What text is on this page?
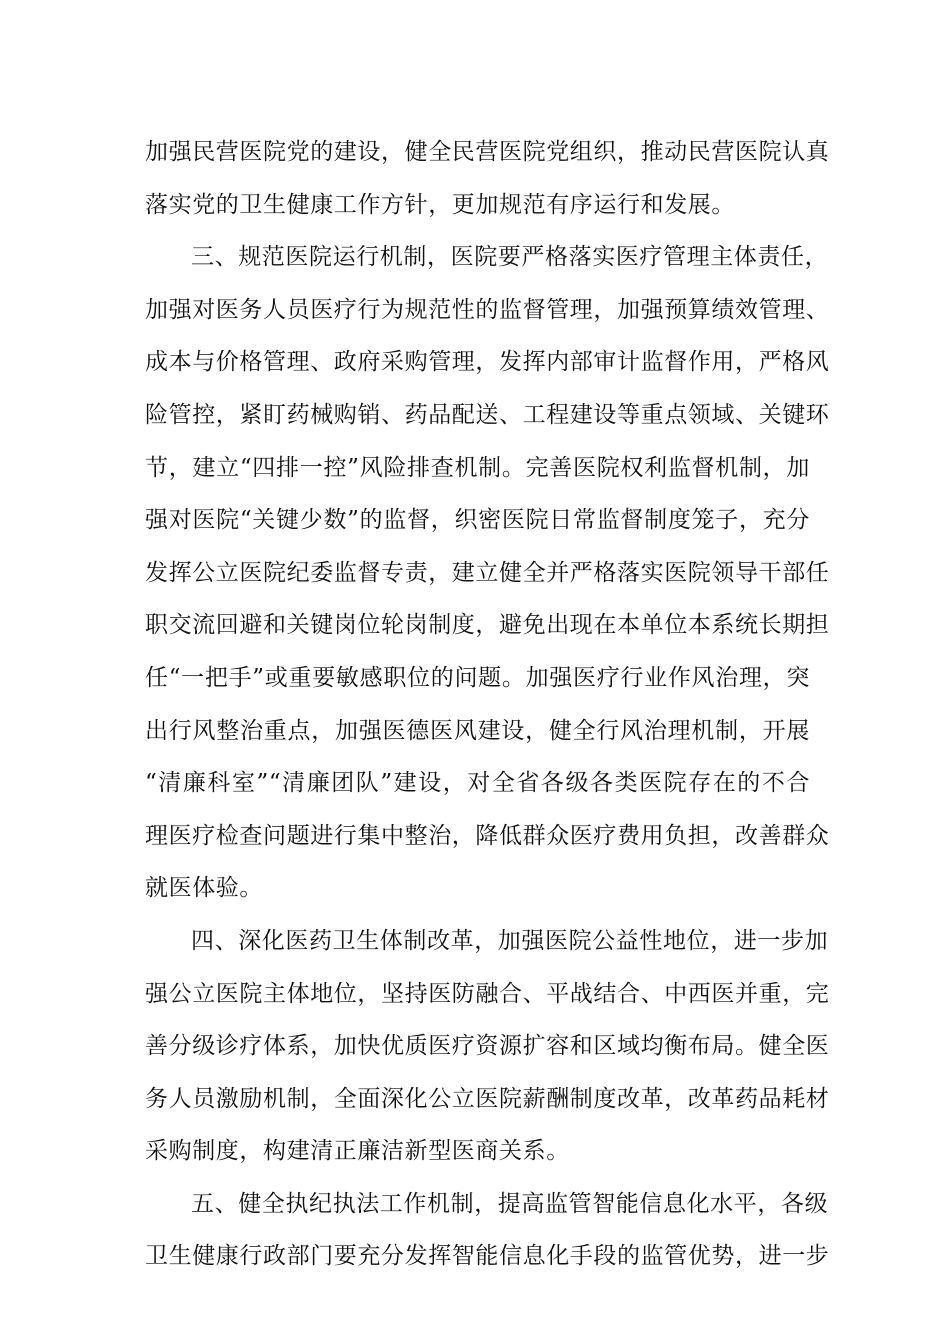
加强民营医院党的建设，健全民营医院党组织，推动民营医院认真
落实党的卫生健康工作方针，更加规范有序运行和发展。
三、规范医院运行机制，医院要严格落实医疗管理主体责任，
加强对医务人员医疗行为规范性的监督管理，加强预算绩效管理、
成本与价格管理、政府采购管理，发挥内部审计监督作用，严格风
险管控，紧盯药械购销、药品配送、工程建设等重点领域、关键环
节，建立“四排一控”风险排查机制。完善医院权利监督机制，加
强对医院“关键少数”的监督，织密医院日常监督制度笼子，充分
发挥公立医院纪委监督专责，建立健全并严格落实医院领导干部任
职交流回避和关键岗位轮岗制度，避免出现在本单位本系统长期担
任“一把手”或重要敏感职位的问题。加强医疗行业作风治理，突
出行风整治重点，加强医德医风建设，健全行风治理机制，开展
“清廉科室”“清廉团队”建设，对全省各级各类医院存在的不合
理医疗检查问题进行集中整治，降低群众医疗费用负担，改善群众
就医体验。
四、深化医药卫生体制改革，加强医院公益性地位，进一步加
强公立医院主体地位，坚持医防融合、平战结合、中西医并重，完
善分级诊疗体系，加快优质医疗资源扩容和区域均衡布局。健全医
务人员激励机制，全面深化公立医院薪酬制度改革，改革药品耗材
采购制度，构建清正廉洁新型医商关系。
五、健全执纪执法工作机制，提高监管智能信息化水平，各级
卫生健康行政部门要充分发挥智能信息化手段的监管优势，进一步
